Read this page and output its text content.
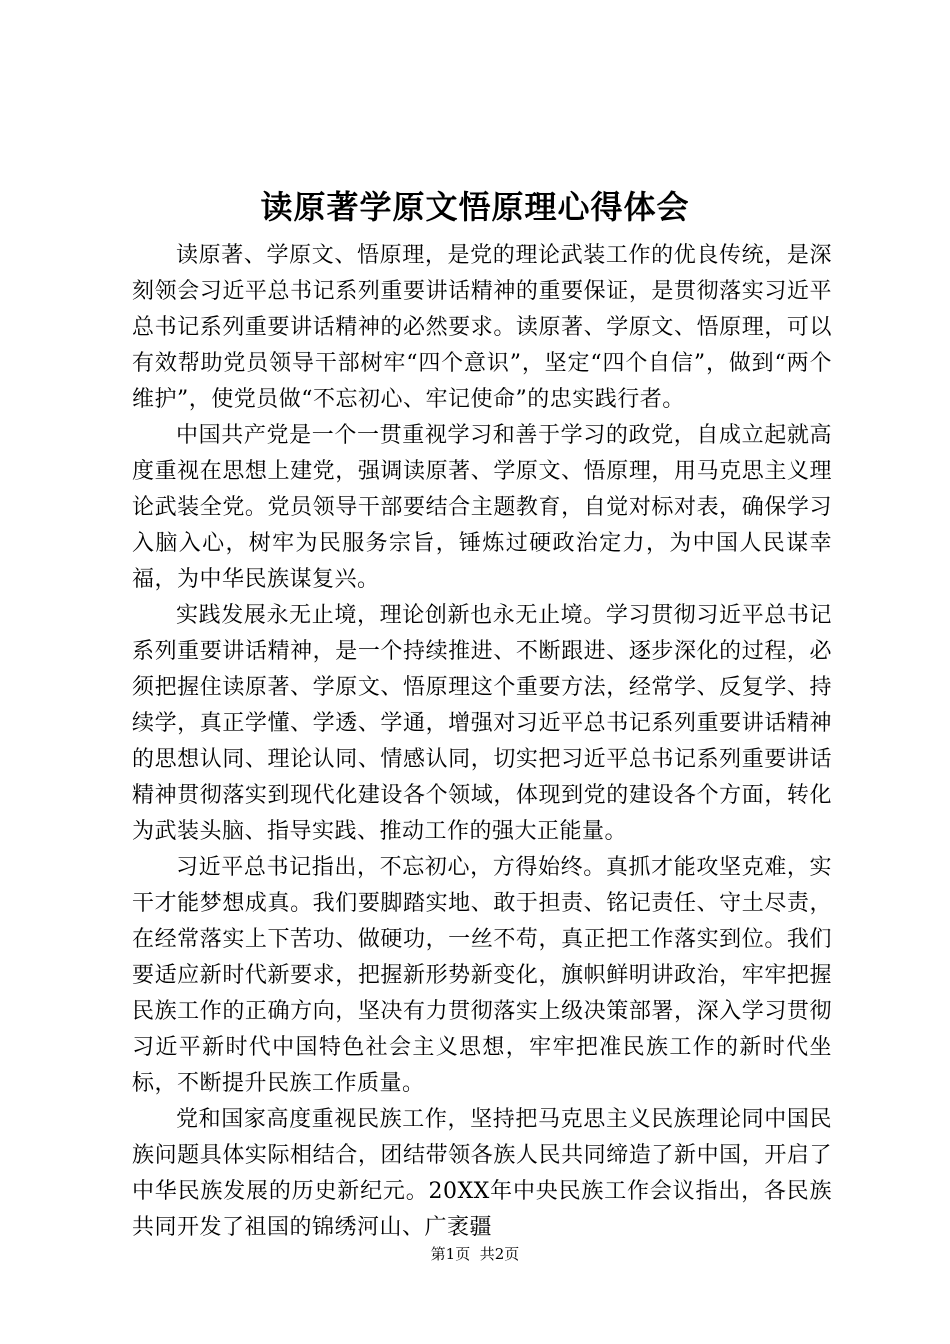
读原著学原文悟原理心得体会

读原著、学原文、悟原理，是党的理论武装工作的优良传统，是深刻领会习近平总书记系列重要讲话精神的重要保证，是贯彻落实习近平总书记系列重要讲话精神的必然要求。读原著、学原文、悟原理，可以有效帮助党员领导干部树牢“四个意识”，坚定“四个自信”，做到“两个维护”，使党员做“不忘初心、牢记使命”的忠实践行者。

中国共产党是一个一贯重视学习和善于学习的政党，自成立起就高度重视在思想上建党，强调读原著、学原文、悟原理，用马克思主义理论武装全党。党员领导干部要结合主题教育，自觉对标对表，确保学习入脑入心，树牢为民服务宗旨，锤炼过硬政治定力，为中国人民谋幸福，为中华民族谋复兴。

实践发展永无止境，理论创新也永无止境。学习贯彻习近平总书记系列重要讲话精神，是一个持续推进、不断跟进、逐步深化的过程，必须把握住读原著、学原文、悟原理这个重要方法，经常学、反复学、持续学，真正学懂、学透、学通，增强对习近平总书记系列重要讲话精神的思想认同、理论认同、情感认同，切实把习近平总书记系列重要讲话精神贯彻落实到现代化建设各个领域，体现到党的建设各个方面，转化为武装头脑、指导实践、推动工作的强大正能量。

习近平总书记指出，不忘初心，方得始终。真抓才能攻坚克难，实干才能梦想成真。我们要脚踏实地、敢于担责、铭记责任、守土尽责，在经常落实上下苦功、做硬功，一丝不苟，真正把工作落实到位。我们要适应新时代新要求，把握新形势新变化，旗帜鲜明讲政治，牢牢把握民族工作的正确方向，坚决有力贯彻落实上级决策部署，深入学习贯彻习近平新时代中国特色社会主义思想，牢牢把准民族工作的新时代坐标，不断提升民族工作质量。

党和国家高度重视民族工作，坚持把马克思主义民族理论同中国民族问题具体实际相结合，团结带领各族人民共同缔造了新中国，开启了中华民族发展的历史新纪元。20XX年中央民族工作会议指出，各民族共同开发了祖国的锦绣河山、广袤疆

第1页 共2页
